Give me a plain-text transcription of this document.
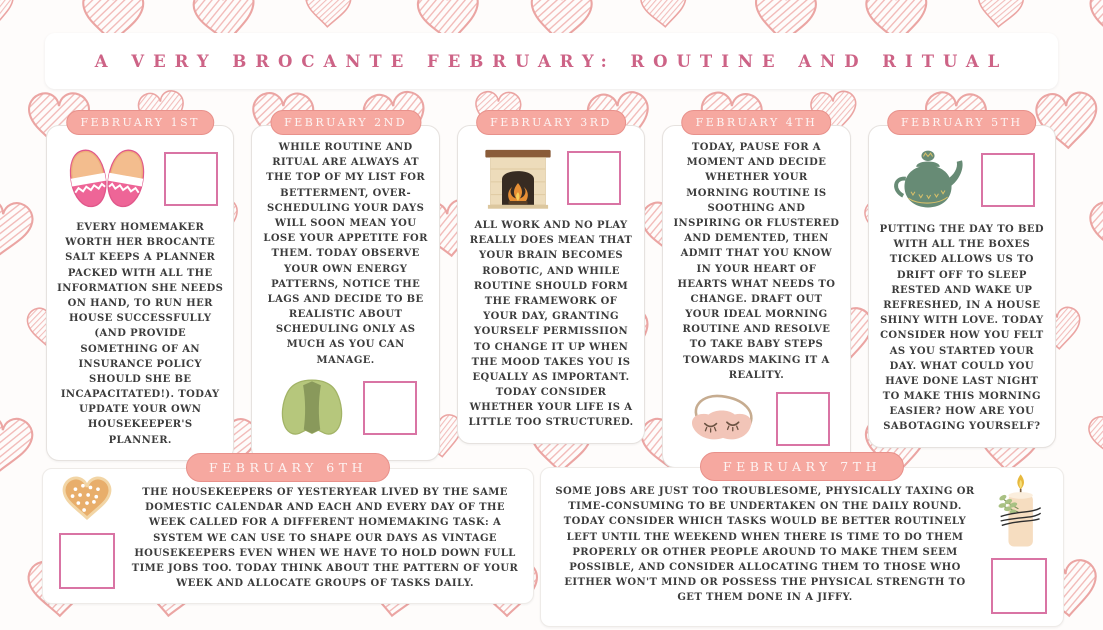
A VERY BROCANTE FEBRUARY: ROUTINE AND RITUAL
FEBRUARY 1ST

EVERY HOMEMAKER WORTH HER BROCANTE SALT KEEPS A PLANNER PACKED WITH ALL THE INFORMATION SHE NEEDS ON HAND, TO RUN HER HOUSE SUCCESSFULLY (AND PROVIDE SOMETHING OF AN INSURANCE POLICY SHOULD SHE BE INCAPACITATED!). TODAY UPDATE YOUR OWN HOUSEKEEPER'S PLANNER.

FEBRUARY 2ND

WHILE ROUTINE AND RITUAL ARE ALWAYS AT THE TOP OF MY LIST FOR BETTERMENT, OVER-SCHEDULING YOUR DAYS WILL SOON MEAN YOU LOSE YOUR APPETITE FOR THEM. TODAY OBSERVE YOUR OWN ENERGY PATTERNS, NOTICE THE LAGS AND DECIDE TO BE REALISTIC ABOUT SCHEDULING ONLY AS MUCH AS YOU CAN MANAGE.

FEBRUARY 3RD

ALL WORK AND NO PLAY REALLY DOES MEAN THAT YOUR BRAIN BECOMES ROBOTIC, AND WHILE ROUTINE SHOULD FORM THE FRAMEWORK OF YOUR DAY, GRANTING YOURSELF PERMISSIION TO CHANGE IT UP WHEN THE MOOD TAKES YOU IS EQUALLY AS IMPORTANT. TODAY CONSIDER WHETHER YOUR LIFE IS A LITTLE TOO STRUCTURED.

FEBRUARY 4TH

TODAY, PAUSE FOR A MOMENT AND DECIDE WHETHER YOUR MORNING ROUTINE IS SOOTHING AND INSPIRING OR FLUSTERED AND DEMENTED, THEN ADMIT THAT YOU KNOW IN YOUR HEART OF HEARTS WHAT NEEDS TO CHANGE. DRAFT OUT YOUR IDEAL MORNING ROUTINE AND RESOLVE TO TAKE BABY STEPS TOWARDS MAKING IT A REALITY.

FEBRUARY 5TH

PUTTING THE DAY TO BED WITH ALL THE BOXES TICKED ALLOWS US TO DRIFT OFF TO SLEEP RESTED AND WAKE UP REFRESHED, IN A HOUSE SHINY WITH LOVE. TODAY CONSIDER HOW YOU FELT AS YOU STARTED YOUR DAY. WHAT COULD YOU HAVE DONE LAST NIGHT TO MAKE THIS MORNING EASIER? HOW ARE YOU SABOTAGING YOURSELF?

FEBRUARY 6TH

THE HOUSEKEEPERS OF YESTERYEAR LIVED BY THE SAME DOMESTIC CALENDAR AND EACH AND EVERY DAY OF THE WEEK CALLED FOR A DIFFERENT HOMEMAKING TASK: A SYSTEM WE CAN USE TO SHAPE OUR DAYS AS VINTAGE HOUSEKEEPERS EVEN WHEN WE HAVE TO HOLD DOWN FULL TIME JOBS TOO. TODAY THINK ABOUT THE PATTERN OF YOUR WEEK AND ALLOCATE GROUPS OF TASKS DAILY.

FEBRUARY 7TH

SOME JOBS ARE JUST TOO TROUBLESOME, PHYSICALLY TAXING OR TIME-CONSUMING TO BE UNDERTAKEN ON THE DAILY ROUND. TODAY CONSIDER WHICH TASKS WOULD BE BETTER ROUTINELY LEFT UNTIL THE WEEKEND WHEN THERE IS TIME TO DO THEM PROPERLY OR OTHER PEOPLE AROUND TO MAKE THEM SEEM POSSIBLE, AND CONSIDER ALLOCATING THEM TO THOSE WHO EITHER WON'T MIND OR POSSESS THE PHYSICAL STRENGTH TO GET THEM DONE IN A JIFFY.
